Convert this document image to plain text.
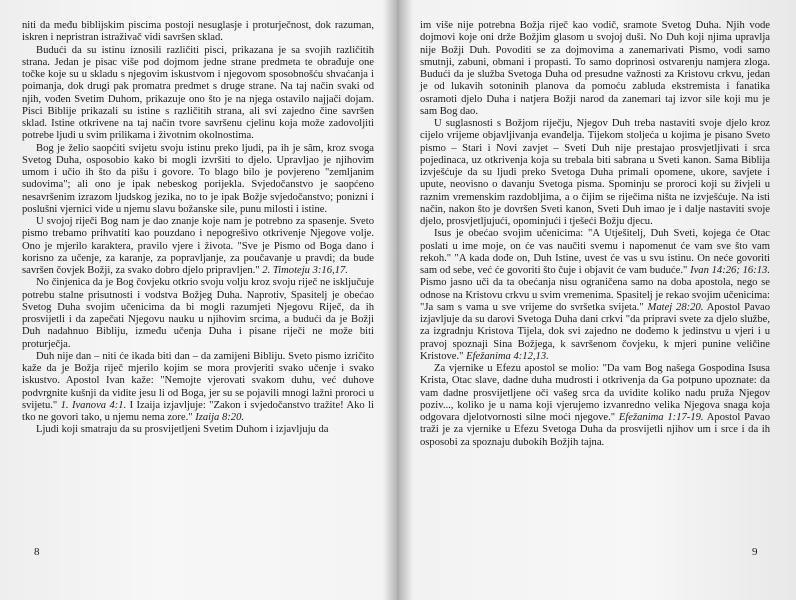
niti da među biblijskim piscima postoji nesuglasje i proturječnost, dok razuman, iskren i nepristran istraživač vidi savršen sklad.

Budući da su istinu iznosili različiti pisci, prikazana je sa svojih različitih strana. Jedan je pisac više pod dojmom jedne strane predmeta te obrađuje one točke koje su u skladu s njegovim iskustvom i njegovom sposobnošću shvaćanja i poimanja, dok drugi pak promatra predmet s druge strane. Na taj način svaki od njih, vođen Svetim Duhom, prikazuje ono što je na njega ostavilo najjači dojam. Pisci Biblije prikazali su istine s različitih strana, ali svi zajedno čine savršen sklad. Istine otkrivene na taj način tvore savršenu cjelinu koja može zadovoljiti potrebe ljudi u svim prilikama i životnim okolnostima.

Bog je želio saopćiti svijetu svoju istinu preko ljudi, pa ih je sâm, kroz svoga Svetog Duha, osposobio kako bi mogli izvršiti to djelo. Upravljao je njihovim umom i učio ih što da pišu i govore. To blago bilo je povjereno "zemljanim sudovima"; ali ono je ipak nebeskog porijekla. Svjedočanstvo je saopćeno nesavršenim izrazom ljudskog jezika, no to je ipak Božje svjedočanstvo; ponizni i poslušni vjernici vide u njemu slavu božanske sile, punu milosti i istine.

U svojoj riječi Bog nam je dao znanje koje nam je potrebno za spasenje. Sveto pismo trebamo prihvatiti kao pouzdano i nepogrešivo otkrivenje Njegove volje. Ono je mjerilo karaktera, pravilo vjere i života. "Sve je Pismo od Boga dano i korisno za učenje, za karanje, za popravljanje, za poučavanje u pravdi; da bude savršen čovjek Božji, za svako dobro djelo pripravljen." 2. Timoteju 3:16,17.

No činjenica da je Bog čovjeku otkrio svoju volju kroz svoju riječ ne isključuje potrebu stalne prisutnosti i vodstva Božjeg Duha. Naprotiv, Spasitelj je obećao Svetog Duha svojim učenicima da bi mogli razumjeti Njegovu Riječ, da ih prosvijetli i da zapečati Njegovu nauku u njihovim srcima, a budući da je Božji Duh nadahnuo Bibliju, između učenja Duha i pisane riječi ne može biti proturječja.

Duh nije dan – niti će ikada biti dan – da zamijeni Bibliju. Sveto pismo izričito kaže da je Božja riječ mjerilo kojim se mora provjeriti svako učenje i svako iskustvo. Apostol Ivan kaže: "Nemojte vjerovati svakom duhu, već duhove podvrgnite kušnji da vidite jesu li od Boga, jer su se pojavili mnogi lažni proroci u svijetu." 1. Ivanova 4:1. I Izaija izjavljuje: "Zakon i svjedočanstvo tražite! Ako li tko ne govori tako, u njemu nema zore." Izaija 8:20.

Ljudi koji smatraju da su prosvijetljeni Svetim Duhom i izjavljuju da

8

im više nije potrebna Božja riječ kao vodič, sramote Svetog Duha. Njih vode dojmovi koje oni drže Božjim glasom u svojoj duši. No Duh koji njima upravlja nije Božji Duh. Povoditi se za dojmovima a zanemarivati Pismo, vodi samo smutnji, zabuni, obmani i propasti. To samo doprinosi ostvarenju namjera zloga. Budući da je služba Svetoga Duha od presudne važnosti za Kristovu crkvu, jedan je od lukavih sotoninih planova da pomoću zabluda ekstremista i fanatika osramoti djelo Duha i natjera Božji narod da zanemari taj izvor sile koji mu je sam Bog dao.

U suglasnosti s Božjom riječju, Njegov Duh treba nastaviti svoje djelo kroz cijelo vrijeme objavljivanja evanđelja. Tijekom stoljeća u kojima je pisano Sveto pismo – Stari i Novi zavjet – Sveti Duh nije prestajao prosvjetljivati i srca pojedinaca, uz otkrivenja koja su trebala biti sabrana u Sveti kanon. Sama Biblija izvješćuje da su ljudi preko Svetoga Duha primali opomene, ukore, savjete i upute, neovisno o davanju Svetoga pisma. Spominju se proroci koji su živjeli u raznim vremenskim razdobljima, a o čijim se riječima ništa ne izvješćuje. Na isti način, nakon što je dovršen Sveti kanon, Sveti Duh imao je i dalje nastaviti svoje djelo, prosvjetljujući, opominjući i tješeći Božju djecu.

Isus je obećao svojim učenicima: "A Utješitelj, Duh Sveti, kojega će Otac poslati u ime moje, on će vas naučiti svemu i napomenut će vam sve što vam rekoh." "A kada dođe on, Duh Istine, uvest će vas u svu istinu. On neće govoriti sam od sebe, već će govoriti što čuje i objavit će vam buduće." Ivan 14:26; 16:13. Pismo jasno uči da ta obećanja nisu ograničena samo na doba apostola, nego se odnose na Kristovu crkvu u svim vremenima. Spasitelj je rekao svojim učenicima: "Ja sam s vama u sve vrijeme do svršetka svijeta." Matej 28:20. Apostol Pavao izjavljuje da su darovi Svetoga Duha dani crkvi "da pripravi svete za djelo službe, za izgradnju Kristova Tijela, dok svi zajedno ne dođemo k jedinstvu u vjeri i u pravoj spoznaji Sina Božjega, k savršenom čovjeku, k mjeri punine veličine Kristove." Efežanima 4:12,13.

Za vjernike u Efezu apostol se molio: "Da vam Bog našega Gospodina Isusa Krista, Otac slave, dadne duha mudrosti i otkrivenja da Ga potpuno upoznate: da vam dadne prosvijetljene oči vašeg srca da uvidite koliko nadu pruža Njegov poziv..., koliko je u nama koji vjerujemo izvanredno velika Njegova snaga koja odgovara djelotvornosti silne moći njegove." Efežanima 1:17-19. Apostol Pavao traži je za vjernike u Efezu Svetoga Duha da prosvijetli njihov um i srce i da ih osposobi za spoznaju dubokih Božjih tajna.

9
